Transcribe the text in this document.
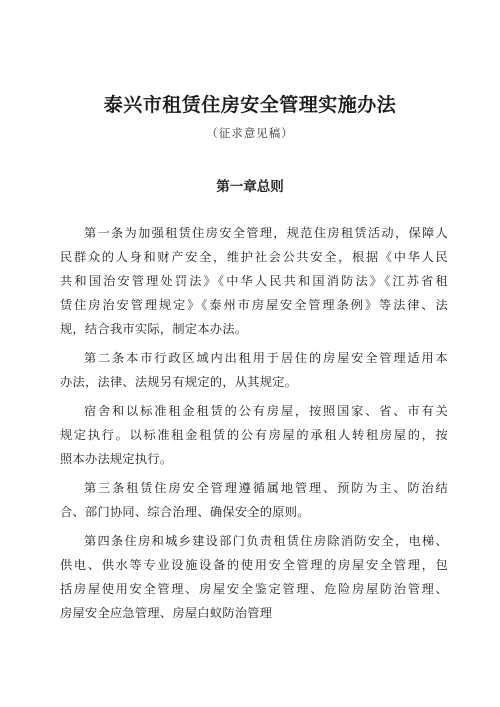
泰兴市租赁住房安全管理实施办法
（征求意见稿）
第一章总则
第一条为加强租赁住房安全管理，规范住房租赁活动，保障人
民群众的人身和财产安全，维护社会公共安全，根据《中华人民
共和国治安管理处罚法》《中华人民共和国消防法》《江苏省租
赁住房治安管理规定》《泰州市房屋安全管理条例》等法律、法
规，结合我市实际，制定本办法。
第二条本市行政区域内出租用于居住的房屋安全管理适用本
办法，法律、法规另有规定的，从其规定。
宿舍和以标准租金租赁的公有房屋，按照国家、省、市有关
规定执行。以标准租金租赁的公有房屋的承租人转租房屋的，按
照本办法规定执行。
第三条租赁住房安全管理遵循属地管理、预防为主、防治结
合、部门协同、综合治理、确保安全的原则。
第四条住房和城乡建设部门负责租赁住房除消防安全，电梯、
供电、供水等专业设施设备的使用安全管理的房屋安全管理，包
括房屋使用安全管理、房屋安全鉴定管理、危险房屋防治管理、
房屋安全应急管理、房屋白蚁防治管理
